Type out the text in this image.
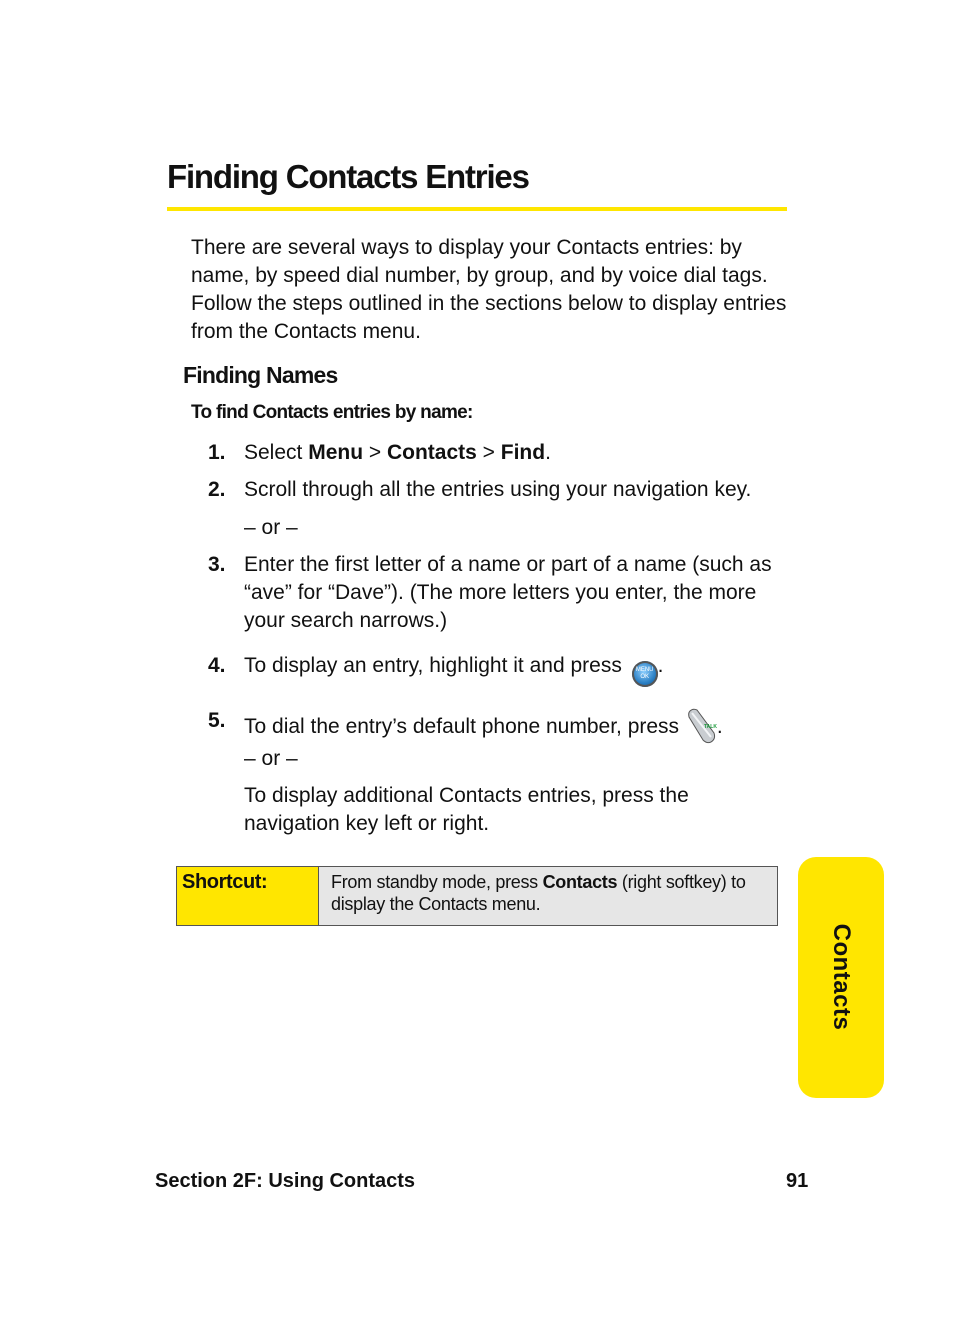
Finding Contacts Entries

There are several ways to display your Contacts entries: by name, by speed dial number, by group, and by voice dial tags. Follow the steps outlined in the sections below to display entries from the Contacts menu.

Finding Names

To find Contacts entries by name:

1. Select Menu > Contacts > Find.
2. Scroll through all the entries using your navigation key.
– or –
3. Enter the first letter of a name or part of a name (such as “ave” for “Dave”). (The more letters you enter, the more your search narrows.)
4. To display an entry, highlight it and press MENU
OK .
5. To dial the entry’s default phone number, press	TALK .
– or –
To display additional Contacts entries, press the navigation key left or right.
Shortcut:	From standby mode, press Contacts (right softkey) to display the Contacts menu.
Contacts
Section 2F: Using Contacts	91
